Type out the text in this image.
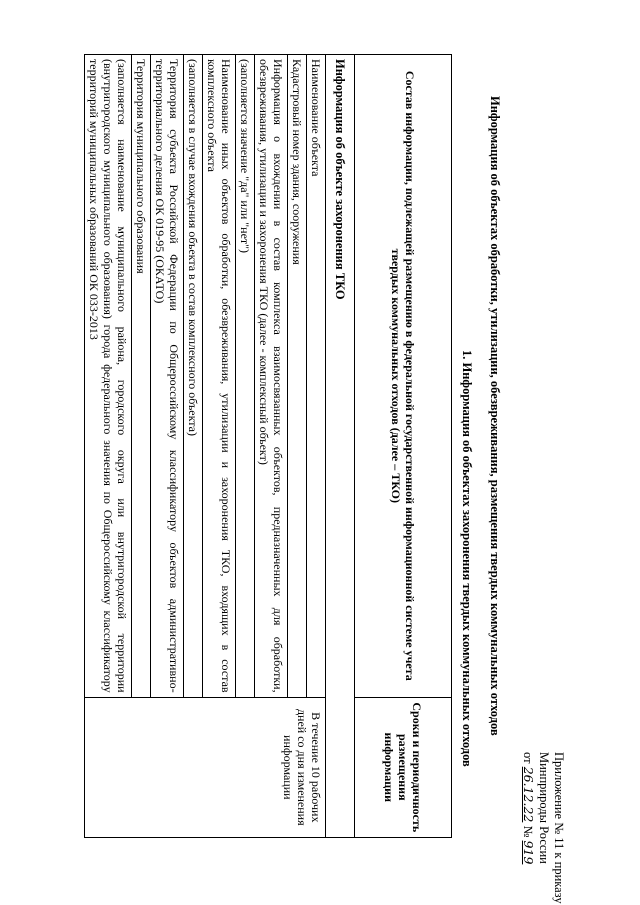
Приложение № 11 к приказу
Минприроды России
от 26.12.22 № 919
Информация об объектах обработки, утилизации, обезвреживания, размещения твердых коммунальных отходов
1. Информация об объектах захоронения твердых коммунальных отходов
Состав информации, подлежащей размещению в федеральной государственной информационной системе учета твердых коммунальных отходов (далее – ТКО)	Сроки и периодичность размещения информации
Информация об объекте захоронения ТКО	
Наименование объекта	В течение 10 рабочих
дней со дня изменения
информации

Кадастровый номер здания, сооружения	
Информация о вхождении в состав комплекса взаимосвязанных объектов, предназначенных для обработки, обезвреживания, утилизации и захоронения ТКО (далее - комплексный объект)	
(заполняется значение "да" или "нет")	
Наименование иных объектов обработки, обезвреживания, утилизации и захоронения ТКО, входящих в состав комплексного объекта	
(заполняется в случае вхождения объекта в состав комплексного объекта)	
Территория субъекта Российской Федерации по Общероссийскому классификатору объектов административно-территориального деления ОК 019-95 (ОКАТО)	
Территория муниципального образования	
(заполняется наименование муниципального района, городского округа или внутригородской территории (внутригородского муниципального образования) города федерального значения по Общероссийскому классификатору территорий муниципальных образований ОК 033-2013	
